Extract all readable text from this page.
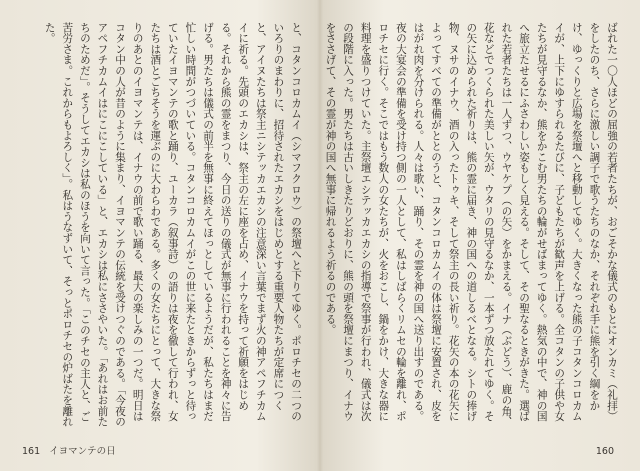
と、コタンコロカムイ（シマフクロウ）の祭壇へと下りてゆく。ポロチセの二つのいろりのまわりに、招待されたエカシをはじめとする重要人物たちが定席につくと、アイヌたちは祭主ニシテッカエカシの注意深い言葉でまず火の神アペフチカムイに祈る。先頭のエカシは、祭主の左に座を占め、イナウを持って祈願をはじめる。それから熊の霊をまつり、今日の送りの儀式が無事に行われることを神々に告げる。男たちは儀式の前半を無事に終えてほっとしているようだが、私たちはまだ忙しい時間がつづいている。コタンコロカムイがこの世に来たときからずっと待っていたイヨマンテの歌と踊り、ユーカラ（叙事詩）の語りは夜を徹して行われ、女たちは酒とごちそうを運ぶのに大わらわである。多くの女たちにとって、大きな祭りのあとのイヨマンテは、イナウの前で歌い踊る、最大の楽しみの一つだ。明日はコタン中の人が昔のように集まり、イヨマンテの伝統を受けつぐのである。「今夜のアペフチカムイはにこにこしている」と、エカシは私にささやいた。「あれはお前たちのためだ」。そうしてエカシは私のほうを向いて言った。「このチセの主人と、ご苦労さま。これからもよろしく」。私はうなずいて、そっとポロチセの炉ばたを離れた。
161 イヨマンテの日
ばれた一〇人ほどの屈強の若者たちが、おごそかな儀式のもとにオンカミ（礼拝）をしたのち、さらに激しい調子で歌うたちのなか、それぞれ手に熊を引く綱をかけ、ゆっくりと広場を祭壇へと移動してゆく。大きくなった熊の子コタンコロカムイが、上下にゆすられるたびに、子どもたちが歓声を上げる。全コタンの子供や女たちが見守るなか、熊をかこむ男たちの輪がせばまってゆく。熱気の中で、神の国へ旅立たせるにふさわしい姿もしく見える。そして、その聖なるときがきた。選ばれた若者たちは一人ずつ、ウヤケプ（の矢）をかまえる。イナ（ぶどう）、鹿の角、花などでつくられた美しい矢が、ウタリの見守るなか、一本ずつ放たれてゆく。その矢に込められた祈りは、熊の霊に届き、神の国への道しるべとなる。シトの捧げ物、ヌサのイナウ、酒の入ったトゥキ、そして祭主の長い祈り。花矢の本の花矢によってすべての準備がととのうと、コタンコロカムイの体は祭壇に安置され、皮をはがれ肉を分けられる。人々は歌い、踊り、その霊を神の国へ送り出すのである。夜の大宴会の準備を受け持つ側の一人として、私はしばらくリムセの輪を離れ、ポロチセに行く。そこではもう数人の女たちが、火をおこし、鍋をかけ、大きな器に料理を盛りつけていた。主祭壇エシテッカエカシの指導で祭事が行われ、儀式は次の段階に入った。男たちは古いしきたりどおりに、熊の頭を祭壇にまつり、イナウをささげて、その霊が神の国へ無事に帰れるよう祈るのである。
160
